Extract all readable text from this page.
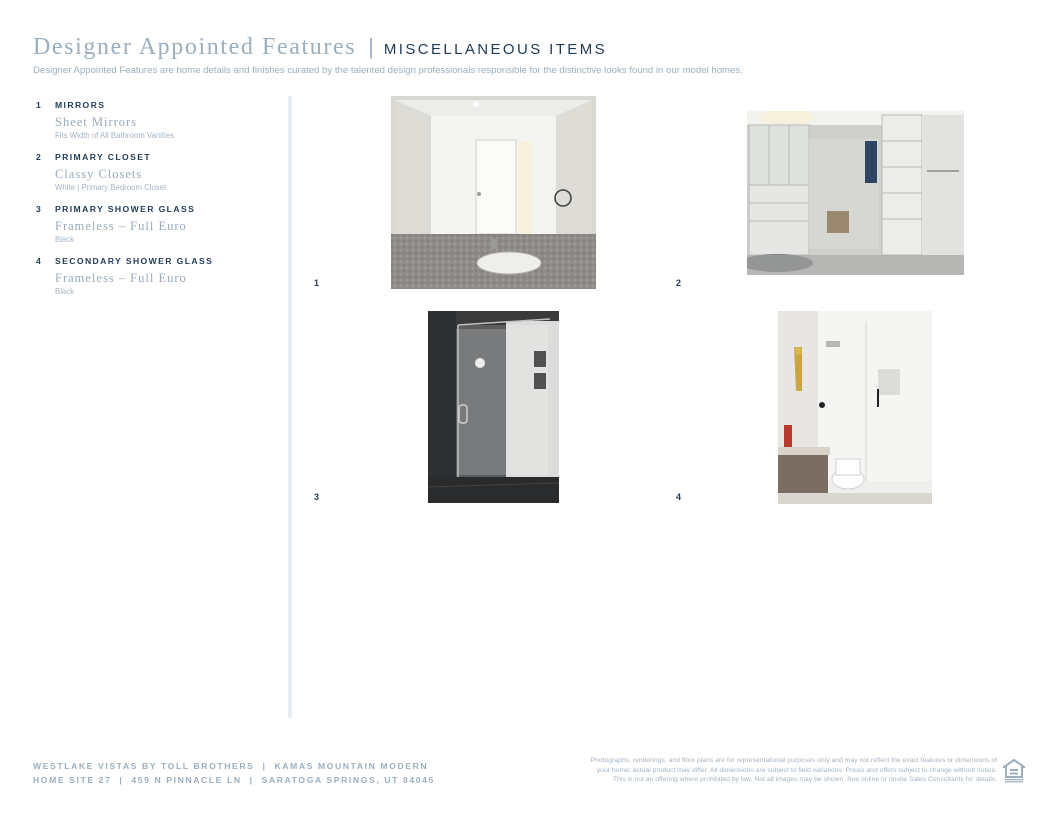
Designer Appointed Features | MISCELLANEOUS ITEMS
Designer Appointed Features are home details and finishes curated by the talented design professionals responsible for the distinctive looks found in our model homes.
1	MIRRORS
Sheet Mirrors
Fits Width of All Bathroom Vanities
2	PRIMARY CLOSET
Classy Closets
White | Primary Bedroom Closet
3	PRIMARY SHOWER GLASS
Frameless – Full Euro
Black
4	SECONDARY SHOWER GLASS
Frameless – Full Euro
Black
1	2
3	4
WESTLAKE VISTAS BY TOLL BROTHERS  |  KAMAS MOUNTAIN MODERN
HOME SITE 27  |  459 N PINNACLE LN  |  SARATOGA SPRINGS, UT 84045
Photographs, renderings, and floor plans are for representational purposes only and may not reflect the exact features or dimensions of
your home; actual product may differ. All dimensions are subject to field variations. Prices and offers subject to change without notice.
This is not an offering where prohibited by law. Not all images may be shown. See online or onsite Sales Consultants for details.
